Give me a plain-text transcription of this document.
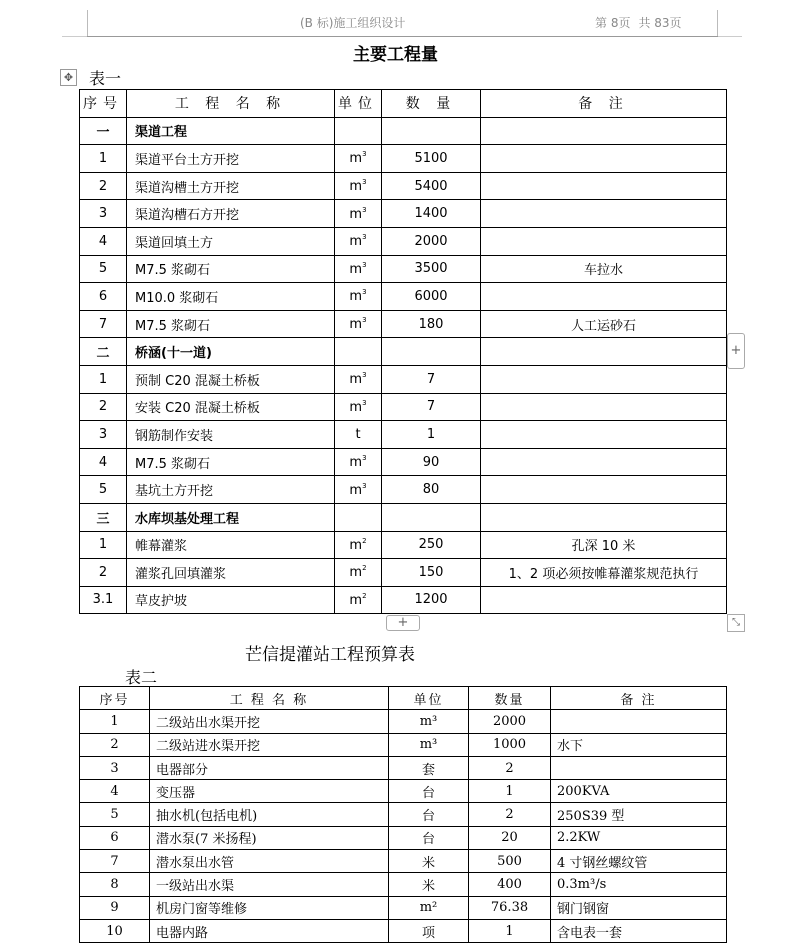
(B 标)施工组织设计	第 8页 共 83页
主要工程量
✥ 表一
序号	工 程 名 称	单位	数 量	备 注
一	渠道工程			
1	渠道平台土方开挖	$m^3$	5100	
2	渠道沟槽土方开挖	$m^3$	5400	
3	渠道沟槽石方开挖	$m^3$	1400	
4	渠道回填土方	$m^3$	2000	
5	M7.5 浆砌石	$m^3$	3500	车拉水
6	M10.0 浆砌石	$m^3$	6000	
7	M7.5 浆砌石	$m^3$	180	人工运砂石
二	桥涵(十一道)			
1	预制 C20 混凝土桥板	$m^3$	7	
2	安装 C20 混凝土桥板	$m^3$	7	
3	钢筋制作安装	t	1	
4	M7.5 浆砌石	$m^3$	90	
5	基坑土方开挖	$m^3$	80	
三	水库坝基处理工程			
1	帷幕灌浆	$m^2$	250	孔深 10 米
2	灌浆孔回填灌浆	$m^2$	150	1、2 项必须按帷幕灌浆规范执行
3.1	草皮护坡	$m^2$	1200	
+
+	⤡
芒信提灌站工程预算表
表二
序号	工 程 名 称	单位	数量	备 注
1	二级站出水渠开挖	m³	2000	
2	二级站进水渠开挖	m³	1000	水下
3	电器部分	套	2	
4	变压器	台	1	200KVA
5	抽水机(包括电机)	台	2	250S39 型
6	潜水泵(7 米扬程)	台	20	2.2KW
7	潜水泵出水管	米	500	4 寸钢丝螺纹管
8	一级站出水渠	米	400	0.3m³/s
9	机房门窗等维修	m²	76.38	钢门钢窗
10	电器内路	项	1	含电表一套
